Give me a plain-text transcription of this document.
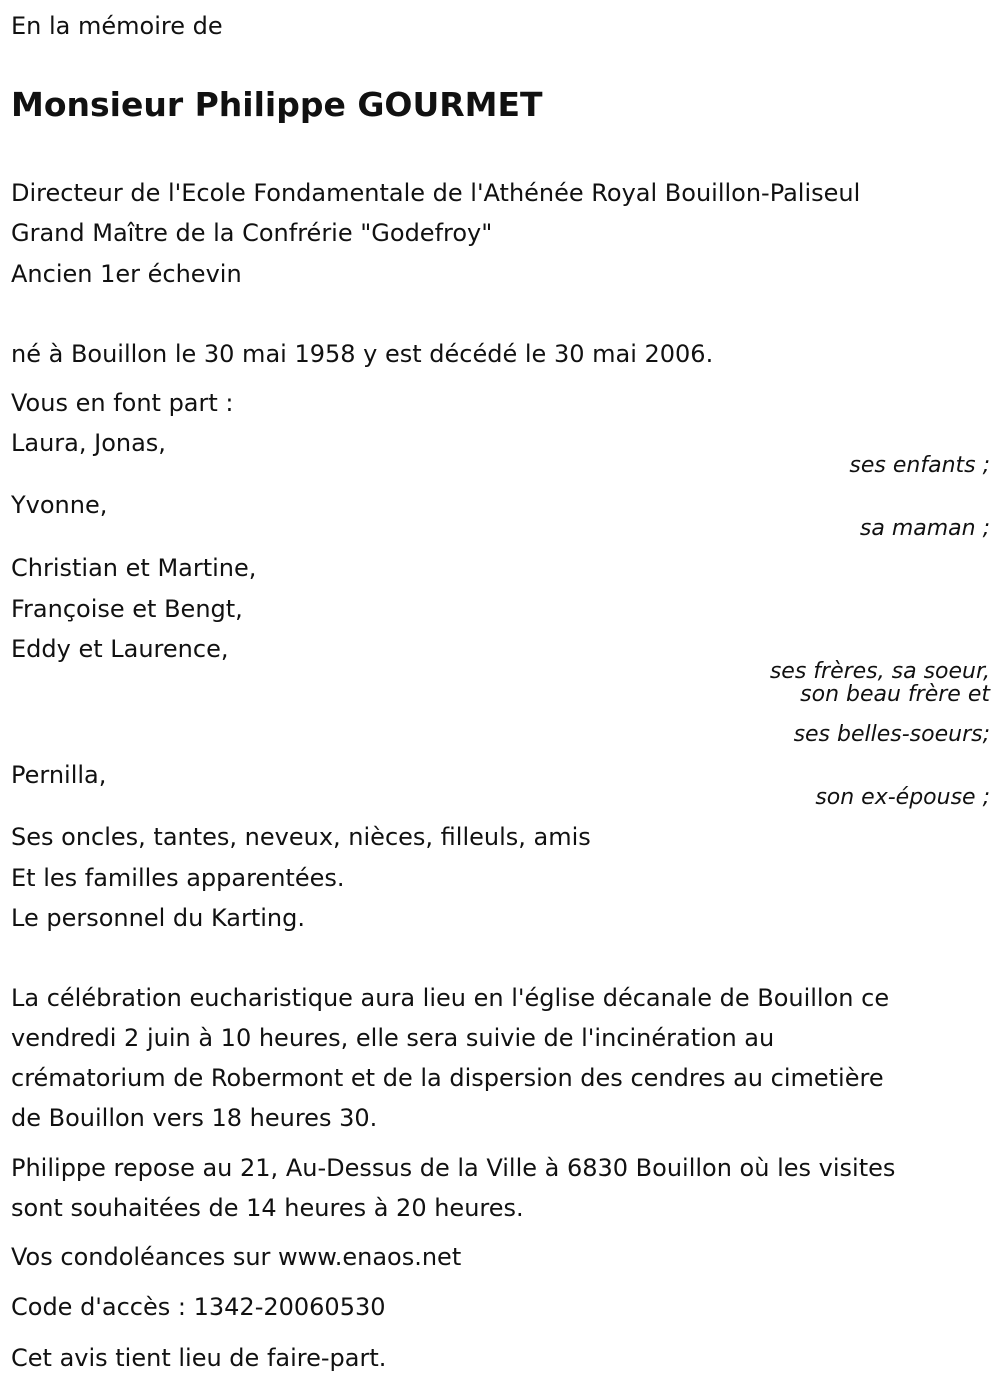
En la mémoire de
Monsieur Philippe GOURMET
Directeur de l'Ecole Fondamentale de l'Athénée Royal Bouillon-Paliseul
Grand Maître de la Confrérie "Godefroy"
Ancien 1er échevin
né à Bouillon le 30 mai 1958 y est décédé le 30 mai 2006.
Vous en font part :
Laura, Jonas,
ses enfants ;
Yvonne,
sa maman ;
Christian et Martine,
Françoise et Bengt,
Eddy et Laurence,
ses frères, sa soeur,
son beau frère et
ses belles-soeurs;
Pernilla,
son ex-épouse ;
Ses oncles, tantes, neveux, nièces, filleuls, amis
Et les familles apparentées.
Le personnel du Karting.
La célébration eucharistique aura lieu en l'église décanale de Bouillon ce
vendredi 2 juin à 10 heures, elle sera suivie de l'incinération au
crématorium de Robermont et de la dispersion des cendres au cimetière
de Bouillon vers 18 heures 30.
Philippe repose au 21, Au-Dessus de la Ville à 6830 Bouillon où les visites
sont souhaitées de 14 heures à 20 heures.
Vos condoléances sur www.enaos.net
Code d'accès : 1342-20060530
Cet avis tient lieu de faire-part.
